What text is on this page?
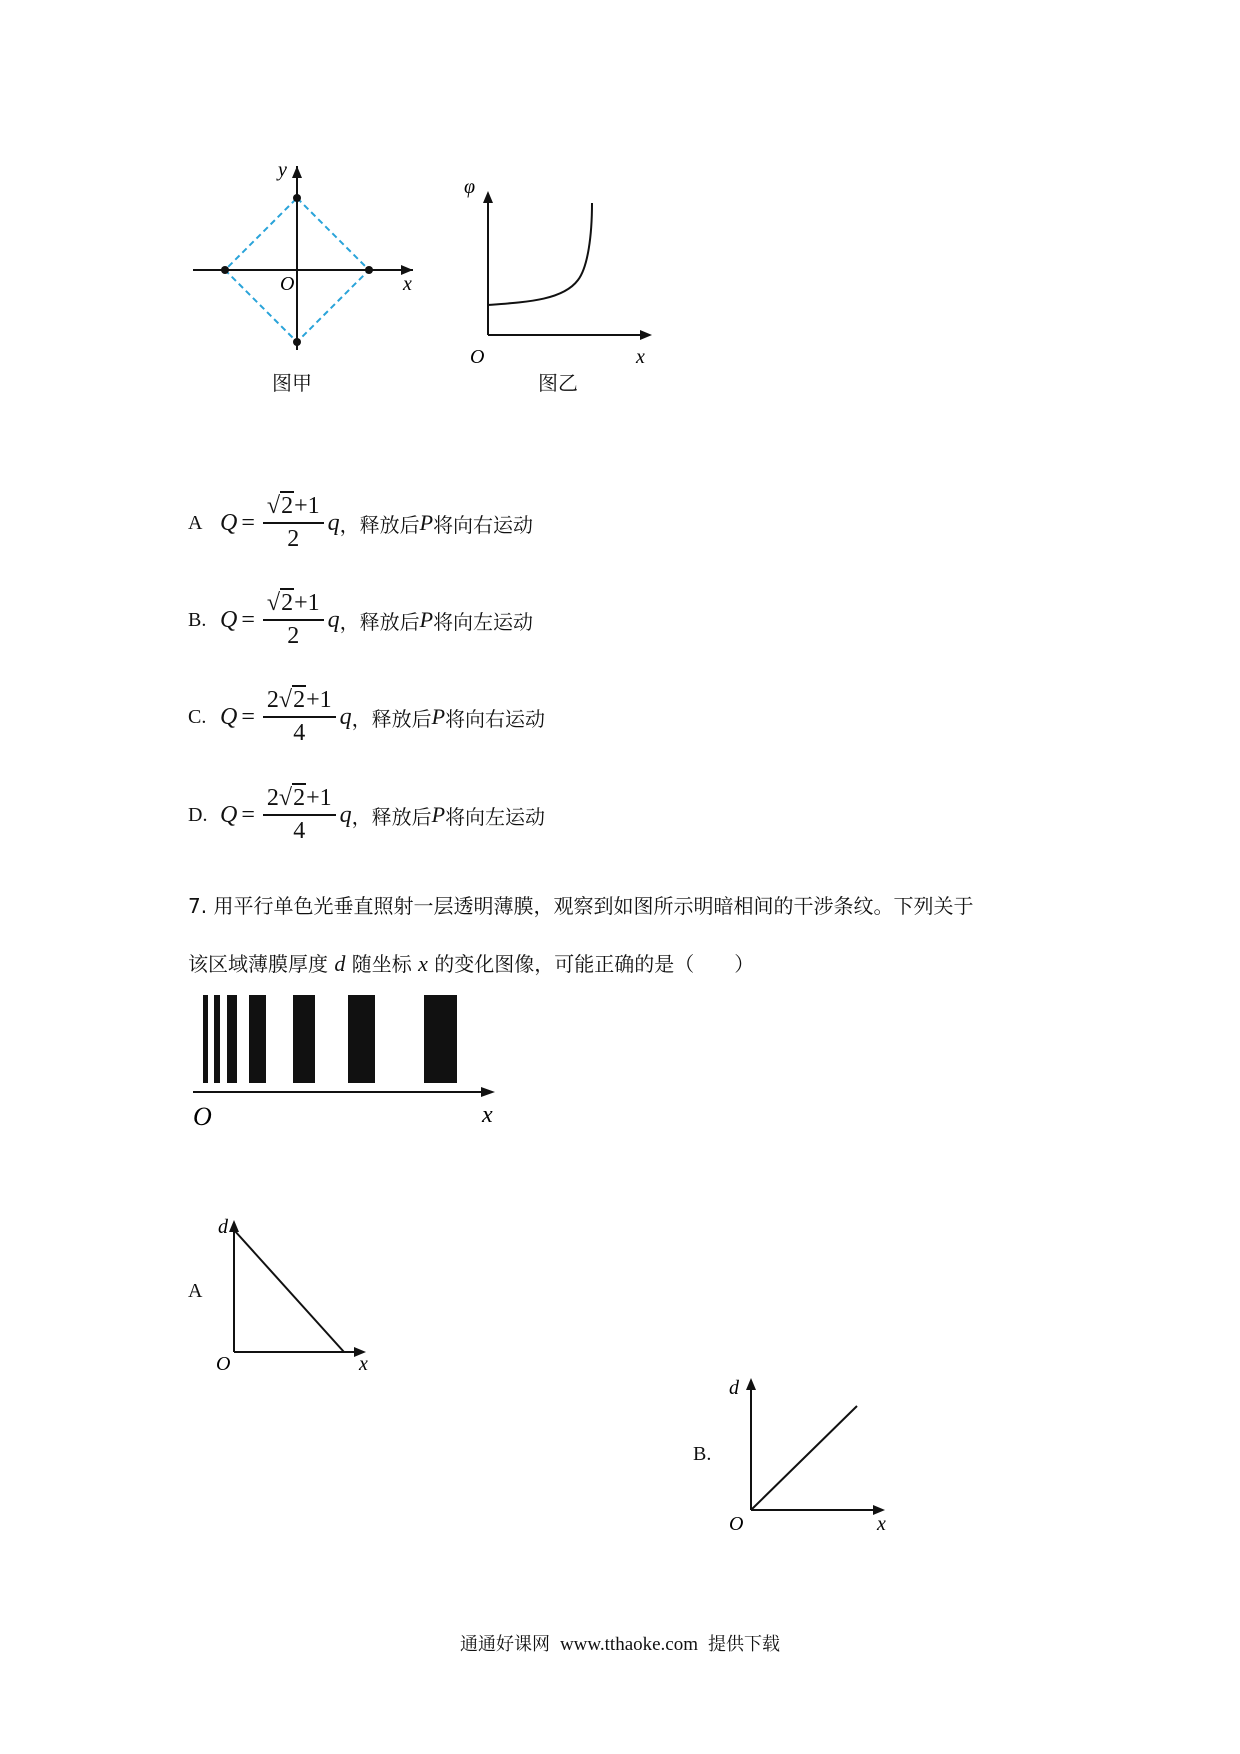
O	x
y
图甲
φ
O	x
图乙
A $Q = \frac{√2+1}{2}$ q ，释放后 P 将向右运动
B. $Q = \frac{√2+1}{2}$ q ，释放后 P 将向左运动
C. $Q = \frac{2√2+1}{4}$ q ，释放后 P 将向右运动
D. $Q = \frac{2√2+1}{4}$ q ，释放后 P 将向左运动
7. 用平行单色光垂直照射一层透明薄膜，观察到如图所示明暗相间的干涉条纹。下列关于
该区域薄膜厚度 d 随坐标 x 的变化图像，可能正确的是（　　）
O	x
A
d
O	x
B.
d
O	x
通通好课网 www.tthaoke.com 提供下载
